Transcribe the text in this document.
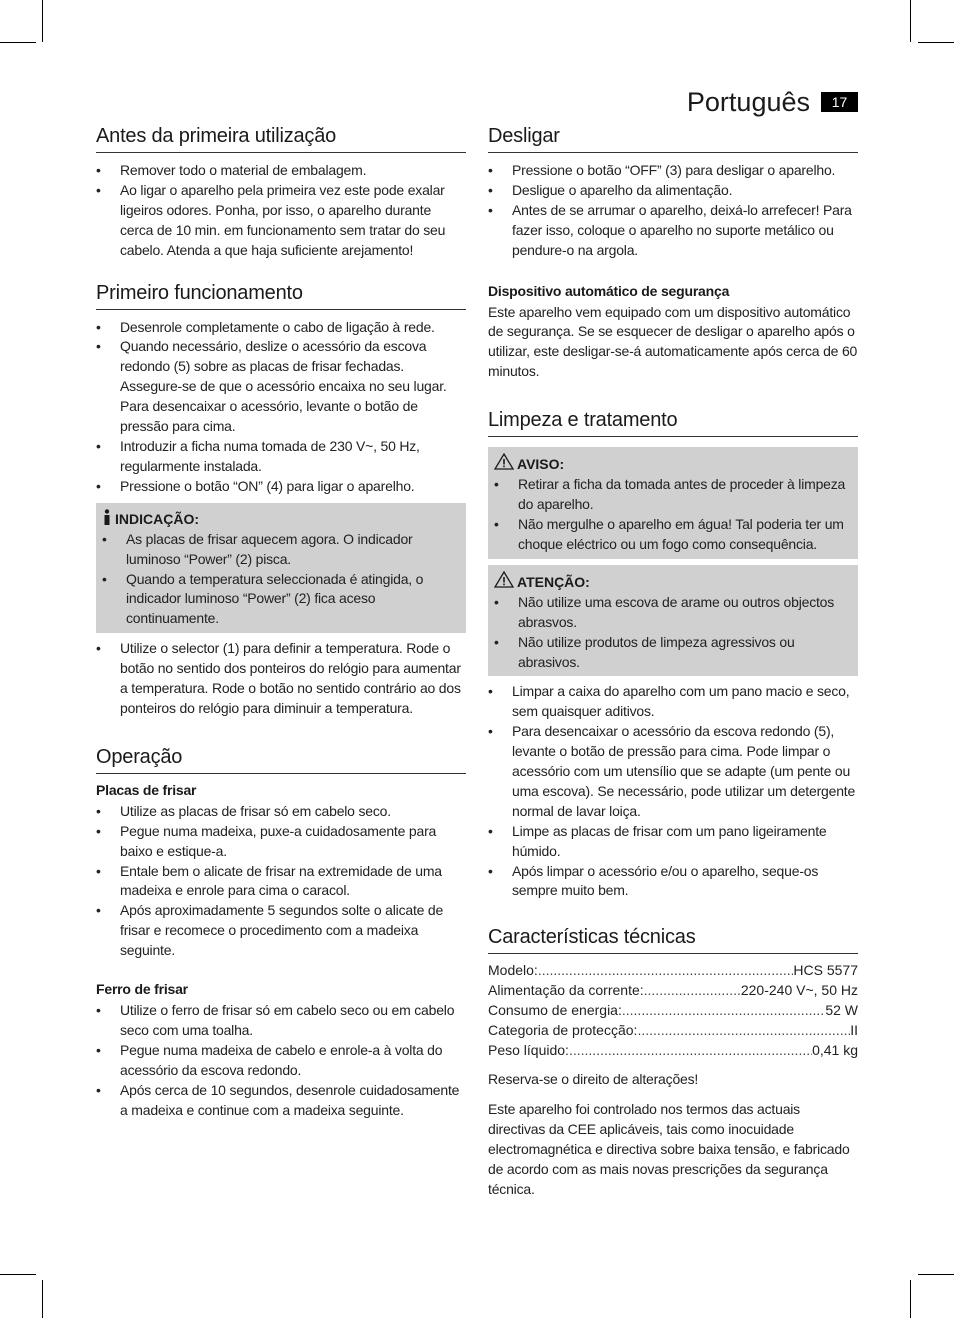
Português	17
Antes da primeira utilização
• Remover todo o material de embalagem.
• Ao ligar o aparelho pela primeira vez este pode exalar ligeiros odores. Ponha, por isso, o aparelho durante cerca de 10 min. em funcionamento sem tratar do seu cabelo. Atenda a que haja suficiente arejamento!
Primeiro funcionamento
• Desenrole completamente o cabo de ligação à rede.
• Quando necessário, deslize o acessório da escova redondo (5) sobre as placas de frisar fechadas. Assegure-se de que o acessório encaixa no seu lugar. Para desencaixar o acessório, levante o botão de pressão para cima.
• Introduzir a ficha numa tomada de 230 V~, 50 Hz, regularmente instalada.
• Pressione o botão “ON” (4) para ligar o aparelho.
INDICAÇÃO:
• As placas de frisar aquecem agora. O indicador luminoso “Power” (2) pisca.
• Quando a temperatura seleccionada é atingida, o indicador luminoso “Power” (2) fica aceso continuamente.
• Utilize o selector (1) para definir a temperatura. Rode o botão no sentido dos ponteiros do relógio para aumentar a temperatura. Rode o botão no sentido contrário ao dos ponteiros do relógio para diminuir a temperatura.
Operação

Placas de frisar

• Utilize as placas de frisar só em cabelo seco.
• Pegue numa madeixa, puxe-a cuidadosamente para baixo e estique-a.
• Entale bem o alicate de frisar na extremidade de uma madeixa e enrole para cima o caracol.
• Após aproximadamente 5 segundos solte o alicate de frisar e recomece o procedimento com a madeixa seguinte.

Ferro de frisar

• Utilize o ferro de frisar só em cabelo seco ou em cabelo seco com uma toalha.
• Pegue numa madeixa de cabelo e enrole-a à volta do acessório da escova redondo.
• Após cerca de 10 segundos, desenrole cuidadosamente a madeixa e continue com a madeixa seguinte.
Desligar
• Pressione o botão “OFF” (3) para desligar o aparelho.
• Desligue o aparelho da alimentação.
• Antes de se arrumar o aparelho, deixá-lo arrefecer! Para fazer isso, coloque o aparelho no suporte metálico ou pendure-o na argola.

Dispositivo automático de segurança

Este aparelho vem equipado com um dispositivo automático de segurança. Se se esquecer de desligar o aparelho após o utilizar, este desligar-se-á automaticamente após cerca de 60 minutos.

Limpeza e tratamento
AVISO:
• Retirar a ficha da tomada antes de proceder à limpeza do aparelho.
• Não mergulhe o aparelho em água! Tal poderia ter um choque eléctrico ou um fogo como consequência.
ATENÇÃO:
• Não utilize uma escova de arame ou outros objectos abrasvos.
• Não utilize produtos de limpeza agressivos ou abrasivos.
• Limpar a caixa do aparelho com um pano macio e seco, sem quaisquer aditivos.
• Para desencaixar o acessório da escova redondo (5), levante o botão de pressão para cima. Pode limpar o acessório com um utensílio que se adapte (um pente ou uma escova). Se necessário, pode utilizar um detergente normal de lavar loiça.
• Limpe as placas de frisar com um pano ligeiramente húmido.
• Após limpar o acessório e/ou o aparelho, seque-os sempre muito bem.
Características técnicas
Modelo: .....	HCS 5577
Alimentação da corrente: .....	220-240 V~, 50 Hz
Consumo de energia: .....	52 W
Categoria de protecção: .....	II
Peso líquido: .....	0,41 kg

Reserva-se o direito de alterações!

Este aparelho foi controlado nos termos das actuais directivas da CEE aplicáveis, tais como inocuidade electromagnética e directiva sobre baixa tensão, e fabricado de acordo com as mais novas prescrições da segurança técnica.
